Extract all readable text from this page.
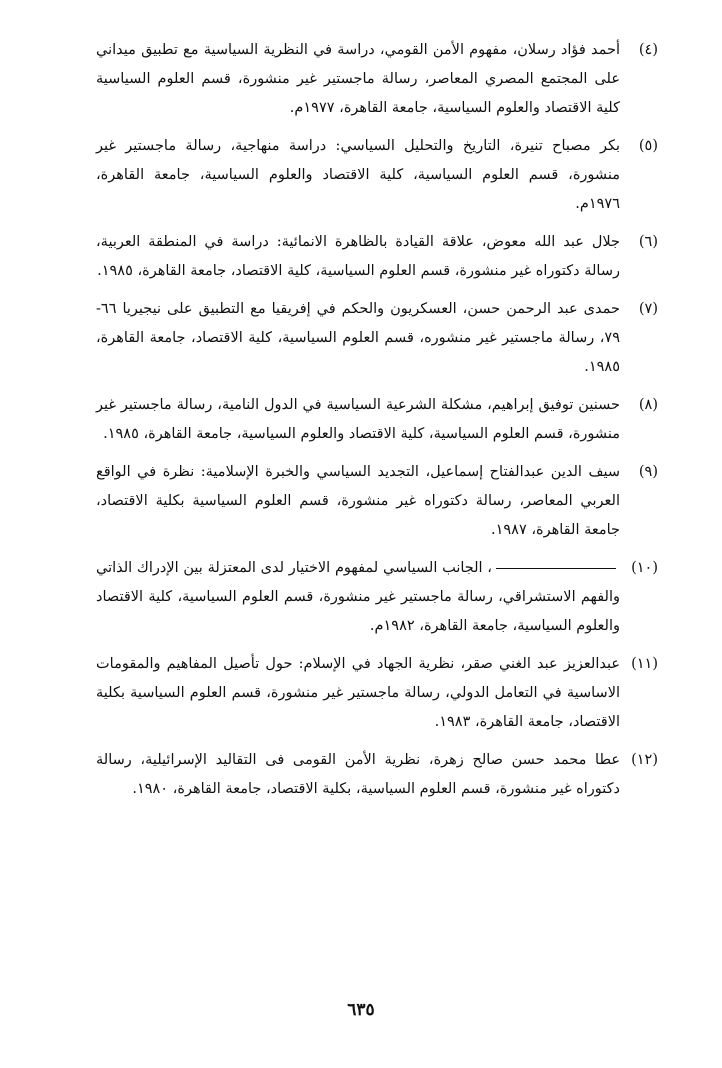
(٤)
أحمد فؤاد رسلان، مفهوم الأمن القومي، دراسة في النظرية السياسية مع تطبيق ميداني على المجتمع المصري المعاصر، رسالة ماجستير غير منشورة، قسم العلوم السياسية كلية الاقتصاد والعلوم السياسية، جامعة القاهرة، ١٩٧٧م.
(٥)
بكر مصباح تنيرة، التاريخ والتحليل السياسي: دراسة منهاجية، رسالة ماجستير غير منشورة، قسم العلوم السياسية، كلية الاقتصاد والعلوم السياسية، جامعة القاهرة، ١٩٧٦م.
(٦)
جلال عبد الله معوض، علاقة القيادة بالظاهرة الانمائية: دراسة في المنطقة العربية، رسالة دكتوراه غير منشورة، قسم العلوم السياسية، كلية الاقتصاد، جامعة القاهرة، ١٩٨٥.
(٧)
حمدى عبد الرحمن حسن، العسكريون والحكم في إفريقيا مع التطبيق على نيجيريا ٦٦- ٧٩، رسالة ماجستير غير منشوره، قسم العلوم السياسية، كلية الاقتصاد، جامعة القاهرة، ١٩٨٥.
(٨)
حسنين توفيق إبراهيم، مشكلة الشرعية السياسية في الدول النامية، رسالة ماجستير غير منشورة، قسم العلوم السياسية، كلية الاقتصاد والعلوم السياسية، جامعة القاهرة، ١٩٨٥.
(٩)
سيف الدين عبدالفتاح إسماعيل، التجديد السياسي والخبرة الإسلامية: نظرة في الواقع العربي المعاصر، رسالة دكتوراه غير منشورة، قسم العلوم السياسية بكلية الاقتصاد، جامعة القاهرة، ١٩٨٧.
(١٠)
، الجانب السياسي لمفهوم الاختيار لدى المعتزلة بين الإدراك الذاتي والفهم الاستشراقي، رسالة ماجستير غير منشورة، قسم العلوم السياسية، كلية الاقتصاد والعلوم السياسية، جامعة القاهرة، ١٩٨٢م.
(١١)
عبدالعزيز عبد الغني صقر، نظرية الجهاد في الإسلام: حول تأصيل المفاهيم والمقومات الاساسية في التعامل الدولي، رسالة ماجستير غير منشورة، قسم العلوم السياسية بكلية الاقتصاد، جامعة القاهرة، ١٩٨٣.
(١٢)
عطا محمد حسن صالح زهرة، نظرية الأمن القومى فى التقاليد الإسرائيلية، رسالة دكتوراه غير منشورة، قسم العلوم السياسية، بكلية الاقتصاد، جامعة القاهرة، ١٩٨٠.
٦٣٥
